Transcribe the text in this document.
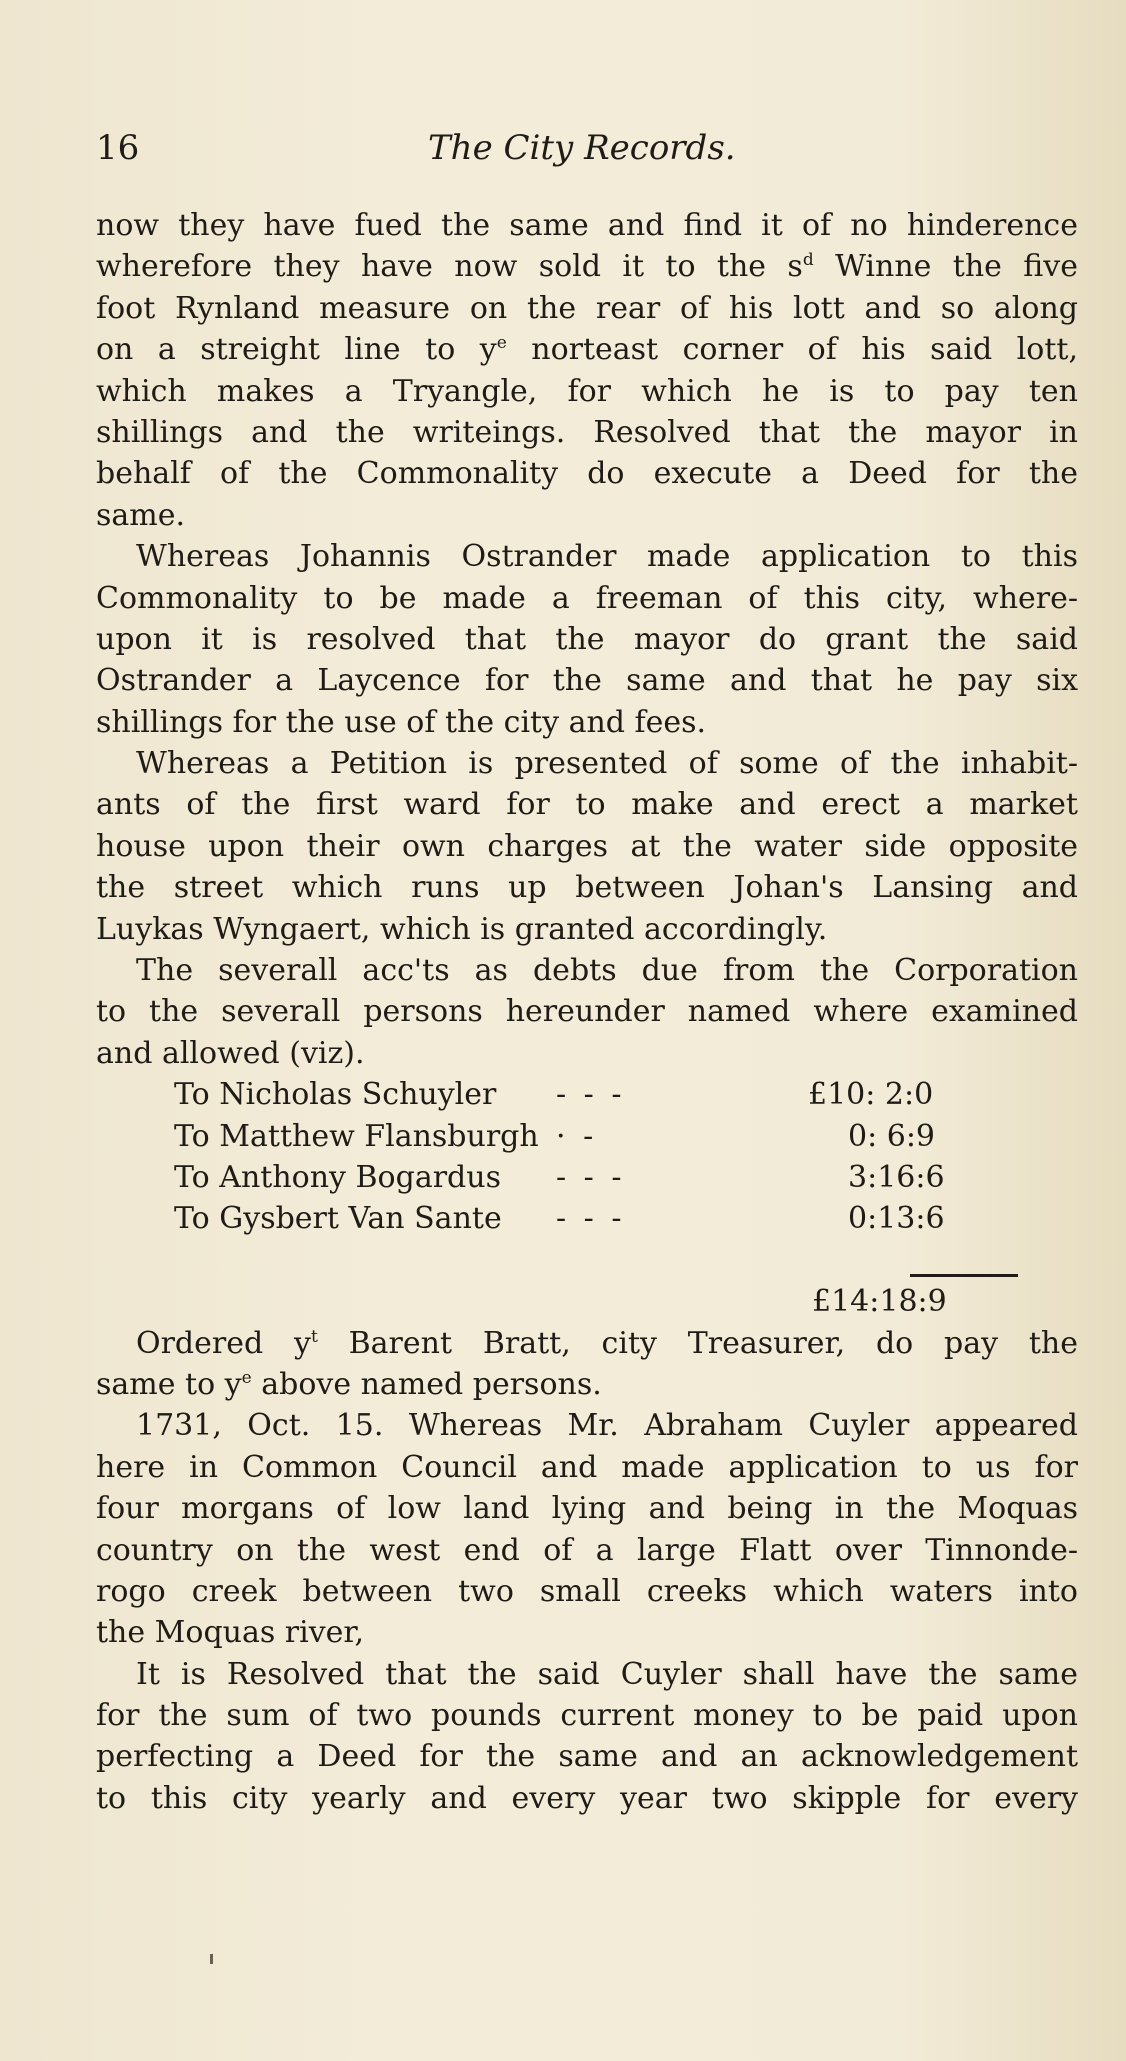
16	The City Records.
now they have fued the same and find it of no hinderence
wherefore they have now sold it to the $s^d$ Winne the five
foot Rynland measure on the rear of his lott and so along
on a streight line to $y^e$ norteast corner of his said lott,
which makes a Tryangle, for which he is to pay ten
shillings and the writeings. Resolved that the mayor in
behalf of the Commonality do execute a Deed for the
same.
Whereas Johannis Ostrander made application to this
Commonality to be made a freeman of this city, where-
upon it is resolved that the mayor do grant the said
Ostrander a Laycence for the same and that he pay six
shillings for the use of the city and fees.
Whereas a Petition is presented of some of the inhabit-
ants of the first ward for to make and erect a market
house upon their own charges at the water side opposite
the street which runs up between Johan's Lansing and
Luykas Wyngaert, which is granted accordingly.
The severall acc'ts as debts due from the Corporation
to the severall persons hereunder named where examined
and allowed (viz).
To Nicholas Schuyler - - -	£10: 2:0
To Matthew Flansburgh · -	0: 6:9
To Anthony Bogardus - - -	3:16:6
To Gysbert Van Sante - - -	0:13:6
£14:18:9
Ordered $y^t$ Barent Bratt, city Treasurer, do pay the
same to $y^e$ above named persons.
1731, Oct. 15. Whereas Mr. Abraham Cuyler appeared
here in Common Council and made application to us for
four morgans of low land lying and being in the Moquas
country on the west end of a large Flatt over Tinnonde-
rogo creek between two small creeks which waters into
the Moquas river,
It is Resolved that the said Cuyler shall have the same
for the sum of two pounds current money to be paid upon
perfecting a Deed for the same and an acknowledgement
to this city yearly and every year two skipple for every
